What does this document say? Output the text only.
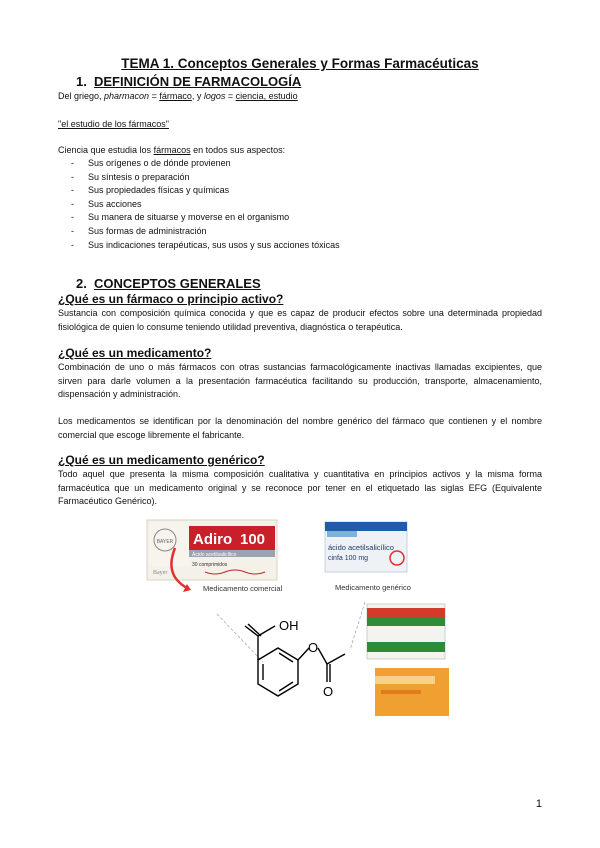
TEMA 1. Conceptos Generales y Formas Farmacéuticas
1. DEFINICIÓN DE FARMACOLOGÍA
Del griego, pharmacon = fármaco, y logos = ciencia, estudio
"el estudio de los fármacos"
Ciencia que estudia los fármacos en todos sus aspectos:
- Sus orígenes o de dónde provienen
- Su síntesis o preparación
- Sus propiedades físicas y químicas
- Sus acciones
- Su manera de situarse y moverse en el organismo
- Sus formas de administración
- Sus indicaciones terapéuticas, sus usos y sus acciones tóxicas
2. CONCEPTOS GENERALES
¿Qué es un fármaco o principio activo?
Sustancia con composición química conocida y que es capaz de producir efectos sobre una determinada propiedad fisiológica de quien lo consume teniendo utilidad preventiva, diagnóstica o terapéutica.
¿Qué es un medicamento?
Combinación de uno o más fármacos con otras sustancias farmacológicamente inactivas llamadas excipientes, que sirven para darle volumen a la presentación farmacéutica facilitando su producción, transporte, almacenamiento, dispensación y administración.
Los medicamentos se identifican por la denominación del nombre genérico del fármaco que contienen y el nombre comercial que escoge libremente el fabricante.
¿Qué es un medicamento genérico?
Todo aquel que presenta la misma composición cualitativa y cuantitativa en principios activos y la misma forma farmacéutica que un medicamento original y se reconoce por tener en el etiquetado las siglas EFG (Equivalente Farmacéutico Genérico).
BAYER Adiro 100
Ácido acetilsalicílico
30 comprimidos
Bayer
Medicamento comercial
ácido acetilsalicílico
cinfa 100 mg
Medicamento genérico
OH
O
O
1
